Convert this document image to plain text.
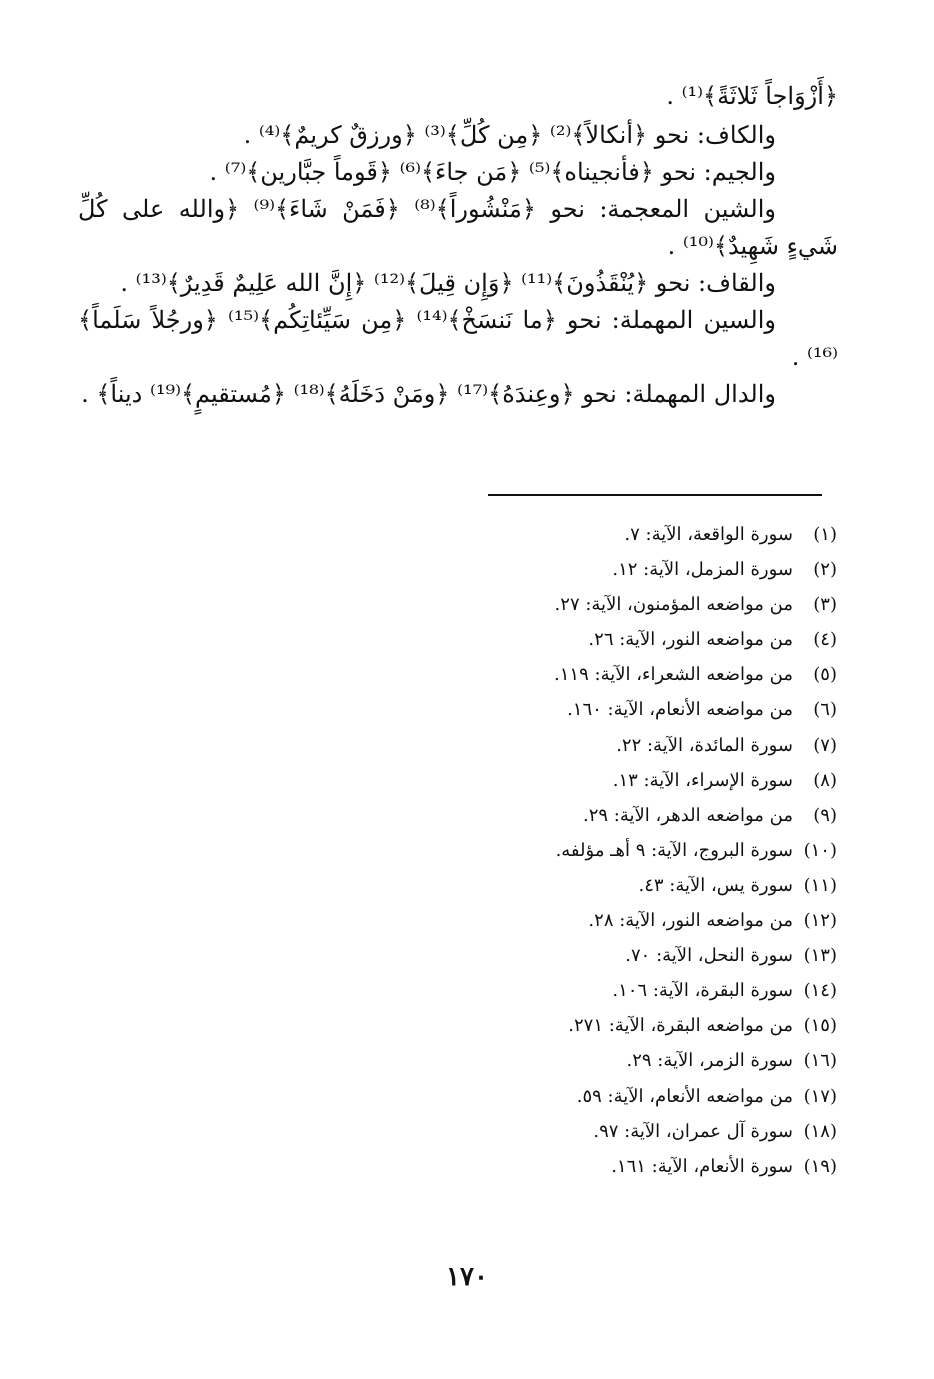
﴿أَزْوَاجاً ثَلاثَةً﴾⁽¹⁾ .

والكاف: نحو ﴿أنكالاً﴾⁽²⁾ ﴿مِن كُلِّ﴾⁽³⁾ ﴿ورزقٌ كريمٌ﴾⁽⁴⁾ .

والجيم: نحو ﴿فأنجيناه﴾⁽⁵⁾ ﴿مَن جاءَ﴾⁽⁶⁾ ﴿قَوماً جبَّارين﴾⁽⁷⁾ .

والشين المعجمة: نحو ﴿مَنْشُوراً﴾⁽⁸⁾ ﴿فَمَنْ شَاءَ﴾⁽⁹⁾ ﴿والله على كُلِّ شَيءٍ شَهِيدٌ﴾⁽¹⁰⁾ .

والقاف: نحو ﴿يُنْقَذُونَ﴾⁽¹¹⁾ ﴿وَإِن قِيلَ﴾⁽¹²⁾ ﴿إِنَّ الله عَلِيمٌ قَدِيرٌ﴾⁽¹³⁾ .

والسين المهملة: نحو ﴿ما نَنسَخْ﴾⁽¹⁴⁾ ﴿مِن سَيِّئاتِكُم﴾⁽¹⁵⁾ ﴿ورجُلاً سَلَماً﴾⁽¹⁶⁾ .

والدال المهملة: نحو ﴿وعِندَهُ﴾⁽¹⁷⁾ ﴿ومَنْ دَخَلَهُ﴾⁽¹⁸⁾ ﴿مُستقيمٍ﴾⁽¹⁹⁾ ديناً﴾ .

(١)سورة الواقعة، الآية: ٧.
(٢)سورة المزمل، الآية: ١٢.
(٣)من مواضعه المؤمنون، الآية: ٢٧.
(٤)من مواضعه النور، الآية: ٢٦.
(٥)من مواضعه الشعراء، الآية: ١١٩.
(٦)من مواضعه الأنعام، الآية: ١٦٠.
(٧)سورة المائدة، الآية: ٢٢.
(٨)سورة الإسراء، الآية: ١٣.
(٩)من مواضعه الدهر، الآية: ٢٩.
(١٠)سورة البروج، الآية: ٩ أهـ مؤلفه.
(١١)سورة يس، الآية: ٤٣.
(١٢)من مواضعه النور، الآية: ٢٨.
(١٣)سورة النحل، الآية: ٧٠.
(١٤)سورة البقرة، الآية: ١٠٦.
(١٥)من مواضعه البقرة، الآية: ٢٧١.
(١٦)سورة الزمر، الآية: ٢٩.
(١٧)من مواضعه الأنعام، الآية: ٥٩.
(١٨)سورة آل عمران، الآية: ٩٧.
(١٩)سورة الأنعام، الآية: ١٦١.
١٧٠
